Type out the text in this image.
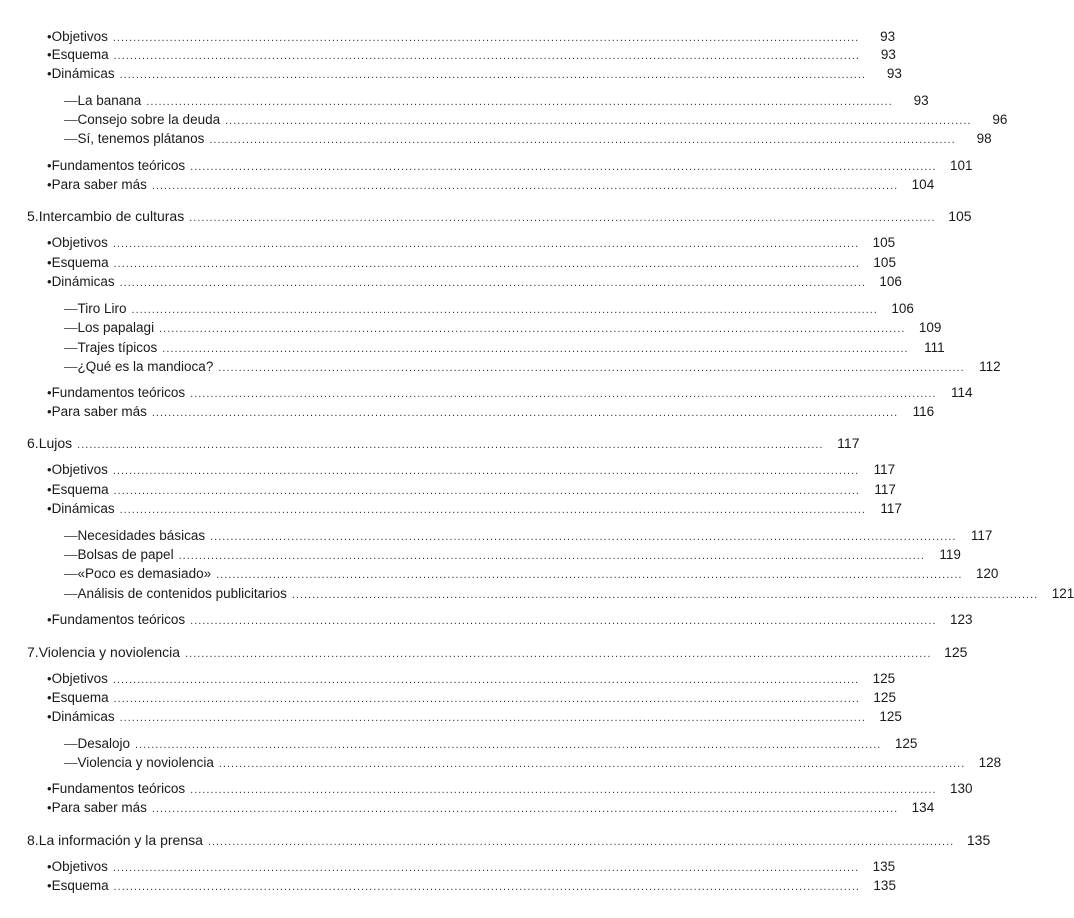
• Objetivos .....	93
• Esquema .....	93
• Dinámicas .....	93
— La banana .....	93
— Consejo sobre la deuda .....	96
— Sí, tenemos plátanos .....	98
• Fundamentos teóricos .....	101
• Para saber más .....	104
5. Intercambio de culturas .....	105
• Objetivos .....	105
• Esquema .....	105
• Dinámicas .....	106
— Tiro Liro .....	106
— Los papalagi .....	109
— Trajes típicos .....	111
— ¿Qué es la mandioca? .....	112
• Fundamentos teóricos .....	114
• Para saber más .....	116
6. Lujos .....	117
• Objetivos .....	117
• Esquema .....	117
• Dinámicas .....	117
— Necesidades básicas .....	117
— Bolsas de papel .....	119
— «Poco es demasiado» .....	120
— Análisis de contenidos publicitarios .....	121
• Fundamentos teóricos .....	123
7. Violencia y noviolencia .....	125
• Objetivos .....	125
• Esquema .....	125
• Dinámicas .....	125
— Desalojo .....	125
— Violencia y noviolencia .....	128
• Fundamentos teóricos .....	130
• Para saber más .....	134
8. La información y la prensa .....	135
• Objetivos .....	135
• Esquema .....	135
